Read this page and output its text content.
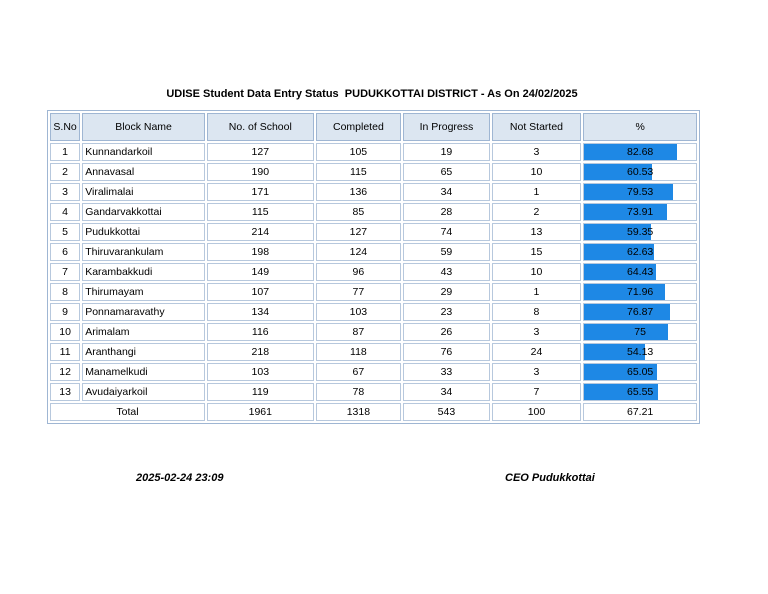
UDISE Student Data Entry Status  PUDUKKOTTAI DISTRICT - As On 24/02/2025
S.No	Block Name	No. of School	Completed	In Progress	Not Started	%
1	Kunnandarkoil	127	105	19	3	82.68
2	Annavasal	190	115	65	10	60.53
3	Viralimalai	171	136	34	1	79.53
4	Gandarvakkottai	115	85	28	2	73.91
5	Pudukkottai	214	127	74	13	59.35
6	Thiruvarankulam	198	124	59	15	62.63
7	Karambakkudi	149	96	43	10	64.43
8	Thirumayam	107	77	29	1	71.96
9	Ponnamaravathy	134	103	23	8	76.87
10	Arimalam	116	87	26	3	75
11	Aranthangi	218	118	76	24	54.13
12	Manamelkudi	103	67	33	3	65.05
13	Avudaiyarkoil	119	78	34	7	65.55
Total		1961	1318	543	100	67.21
2025-02-24 23:09	CEO Pudukkottai
